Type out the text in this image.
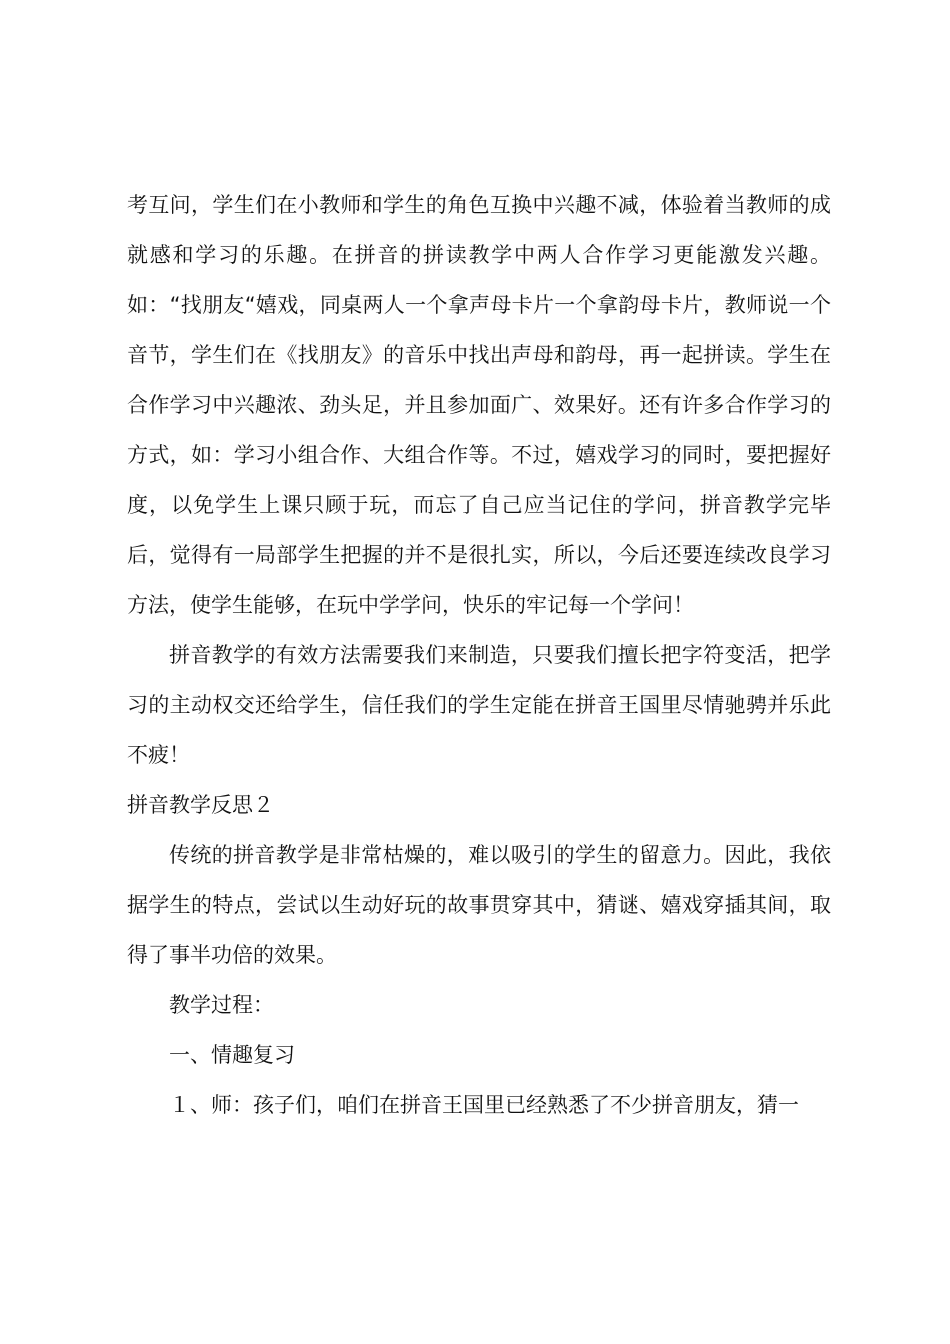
考互问，学生们在小教师和学生的角色互换中兴趣不减，体验着当教师的成就感和学习的乐趣。在拼音的拼读教学中两人合作学习更能激发兴趣。如：“找朋友“嬉戏，同桌两人一个拿声母卡片一个拿韵母卡片，教师说一个音节，学生们在《找朋友》的音乐中找出声母和韵母，再一起拼读。学生在合作学习中兴趣浓、劲头足，并且参加面广、效果好。还有许多合作学习的方式，如：学习小组合作、大组合作等。不过，嬉戏学习的同时，要把握好度，以免学生上课只顾于玩，而忘了自己应当记住的学问，拼音教学完毕后，觉得有一局部学生把握的并不是很扎实，所以，今后还要连续改良学习方法，使学生能够，在玩中学学问，快乐的牢记每一个学问！

拼音教学的有效方法需要我们来制造，只要我们擅长把字符变活，把学习的主动权交还给学生，信任我们的学生定能在拼音王国里尽情驰骋并乐此不疲！

拼音教学反思２

传统的拼音教学是非常枯燥的，难以吸引的学生的留意力。因此，我依据学生的特点，尝试以生动好玩的故事贯穿其中，猜谜、嬉戏穿插其间，取得了事半功倍的效果。

教学过程：

一、情趣复习

１、师：孩子们，咱们在拼音王国里已经熟悉了不少拼音朋友，猜一
